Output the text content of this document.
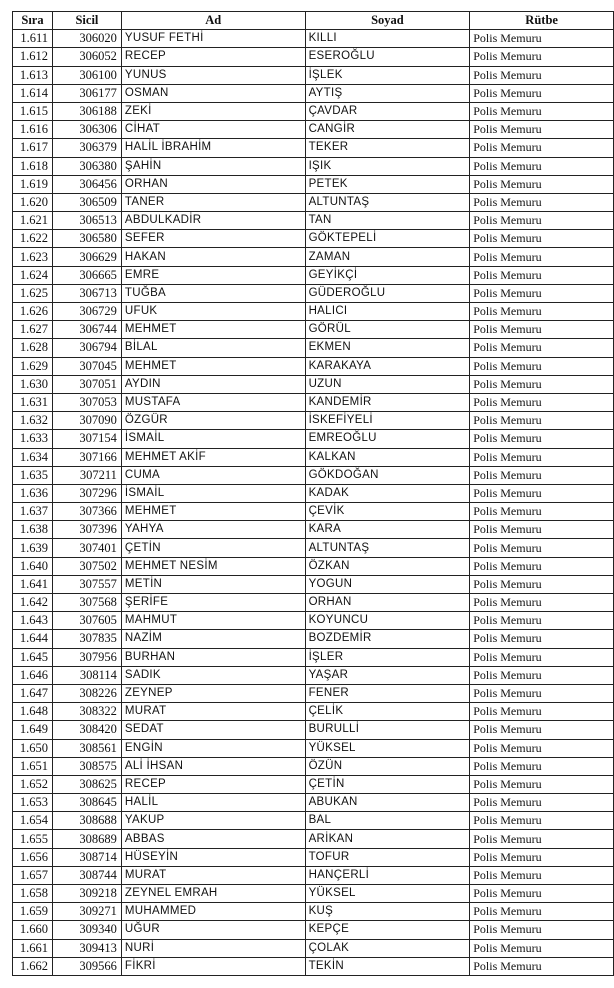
Sıra	Sicil	Ad	Soyad	Rütbe
1.611	306020	YUSUF FETHİ	KILLI	Polis Memuru
1.612	306052	RECEP	ESEROĞLU	Polis Memuru
1.613	306100	YUNUS	İŞLEK	Polis Memuru
1.614	306177	OSMAN	AYTIŞ	Polis Memuru
1.615	306188	ZEKİ	ÇAVDAR	Polis Memuru
1.616	306306	CİHAT	CANGİR	Polis Memuru
1.617	306379	HALİL İBRAHİM	TEKER	Polis Memuru
1.618	306380	ŞAHİN	IŞIK	Polis Memuru
1.619	306456	ORHAN	PETEK	Polis Memuru
1.620	306509	TANER	ALTUNTAŞ	Polis Memuru
1.621	306513	ABDULKADİR	TAN	Polis Memuru
1.622	306580	SEFER	GÖKTEPELİ	Polis Memuru
1.623	306629	HAKAN	ZAMAN	Polis Memuru
1.624	306665	EMRE	GEYİKÇİ	Polis Memuru
1.625	306713	TUĞBA	GÜDEROĞLU	Polis Memuru
1.626	306729	UFUK	HALICI	Polis Memuru
1.627	306744	MEHMET	GÖRÜL	Polis Memuru
1.628	306794	BİLAL	EKMEN	Polis Memuru
1.629	307045	MEHMET	KARAKAYA	Polis Memuru
1.630	307051	AYDIN	UZUN	Polis Memuru
1.631	307053	MUSTAFA	KANDEMİR	Polis Memuru
1.632	307090	ÖZGÜR	İSKEFİYELİ	Polis Memuru
1.633	307154	İSMAİL	EMREOĞLU	Polis Memuru
1.634	307166	MEHMET AKİF	KALKAN	Polis Memuru
1.635	307211	CUMA	GÖKDOĞAN	Polis Memuru
1.636	307296	İSMAİL	KADAK	Polis Memuru
1.637	307366	MEHMET	ÇEVİK	Polis Memuru
1.638	307396	YAHYA	KARA	Polis Memuru
1.639	307401	ÇETİN	ALTUNTAŞ	Polis Memuru
1.640	307502	MEHMET NESİM	ÖZKAN	Polis Memuru
1.641	307557	METİN	YOGUN	Polis Memuru
1.642	307568	ŞERİFE	ORHAN	Polis Memuru
1.643	307605	MAHMUT	KOYUNCU	Polis Memuru
1.644	307835	NAZİM	BOZDEMİR	Polis Memuru
1.645	307956	BURHAN	İŞLER	Polis Memuru
1.646	308114	SADIK	YAŞAR	Polis Memuru
1.647	308226	ZEYNEP	FENER	Polis Memuru
1.648	308322	MURAT	ÇELİK	Polis Memuru
1.649	308420	SEDAT	BURULLİ	Polis Memuru
1.650	308561	ENGİN	YÜKSEL	Polis Memuru
1.651	308575	ALİ İHSAN	ÖZÜN	Polis Memuru
1.652	308625	RECEP	ÇETİN	Polis Memuru
1.653	308645	HALİL	ABUKAN	Polis Memuru
1.654	308688	YAKUP	BAL	Polis Memuru
1.655	308689	ABBAS	ARİKAN	Polis Memuru
1.656	308714	HÜSEYİN	TOFUR	Polis Memuru
1.657	308744	MURAT	HANÇERLİ	Polis Memuru
1.658	309218	ZEYNEL EMRAH	YÜKSEL	Polis Memuru
1.659	309271	MUHAMMED	KUŞ	Polis Memuru
1.660	309340	UĞUR	KEPÇE	Polis Memuru
1.661	309413	NURİ	ÇOLAK	Polis Memuru
1.662	309566	FİKRİ	TEKİN	Polis Memuru
